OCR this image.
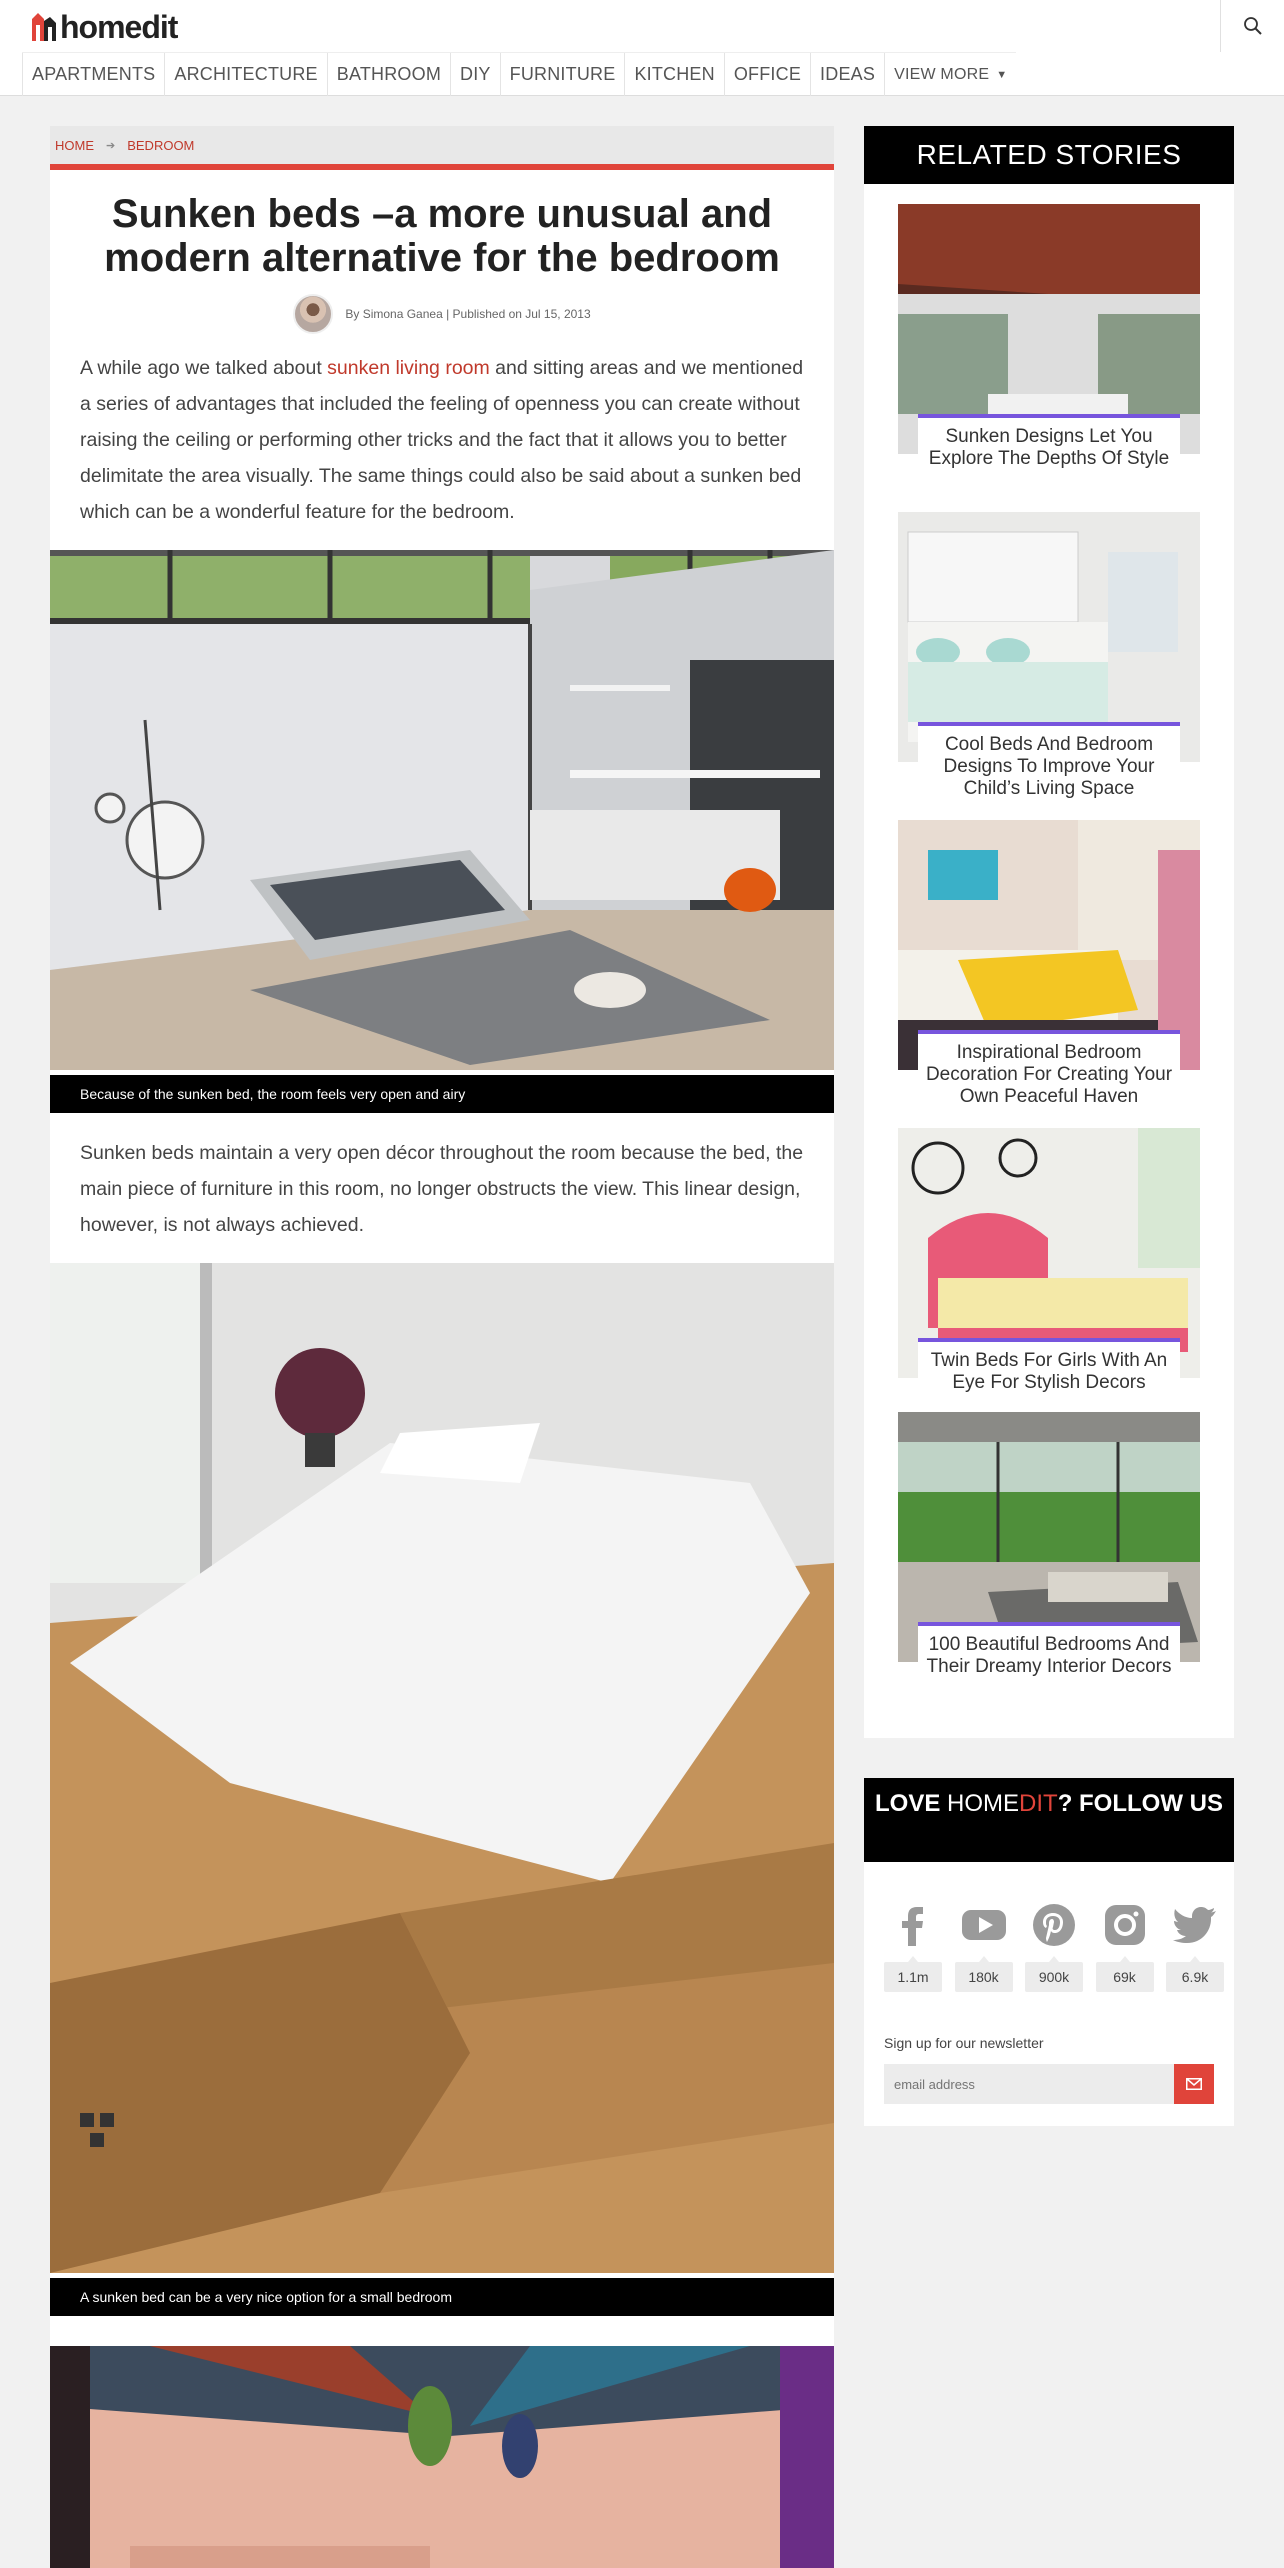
homedit
APARTMENTS	ARCHITECTURE	BATHROOM	DIY	FURNITURE	KITCHEN	OFFICE	IDEAS	VIEW MORE ▼
HOME ➔ BEDROOM
Sunken beds –a more unusual and modern alternative for the bedroom
By Simona Ganea | Published on Jul 15, 2013

A while ago we talked about sunken living room and sitting areas and we mentioned a series of advantages that included the feeling of openness you can create without raising the ceiling or performing other tricks and the fact that it allows you to better delimitate the area visually. The same things could also be said about a sunken bed which can be a wonderful feature for the bedroom.

Because of the sunken bed, the room feels very open and airy

Sunken beds maintain a very open décor throughout the room because the bed, the main piece of furniture in this room, no longer obstructs the view. This linear design, however, is not always achieved.

A sunken bed can be a very nice option for a small bedroom
RELATED STORIES
Sunken Designs Let You Explore The Depths Of Style
Cool Beds And Bedroom Designs To Improve Your Child’s Living Space
Inspirational Bedroom Decoration For Creating Your Own Peaceful Haven
Twin Beds For Girls With An Eye For Stylish Decors
100 Beautiful Bedrooms And Their Dreamy Interior Decors
LOVE HOMEDIT? FOLLOW US
1.1m	180k	900k	69k	6.9k
Sign up for our newsletter
email address
